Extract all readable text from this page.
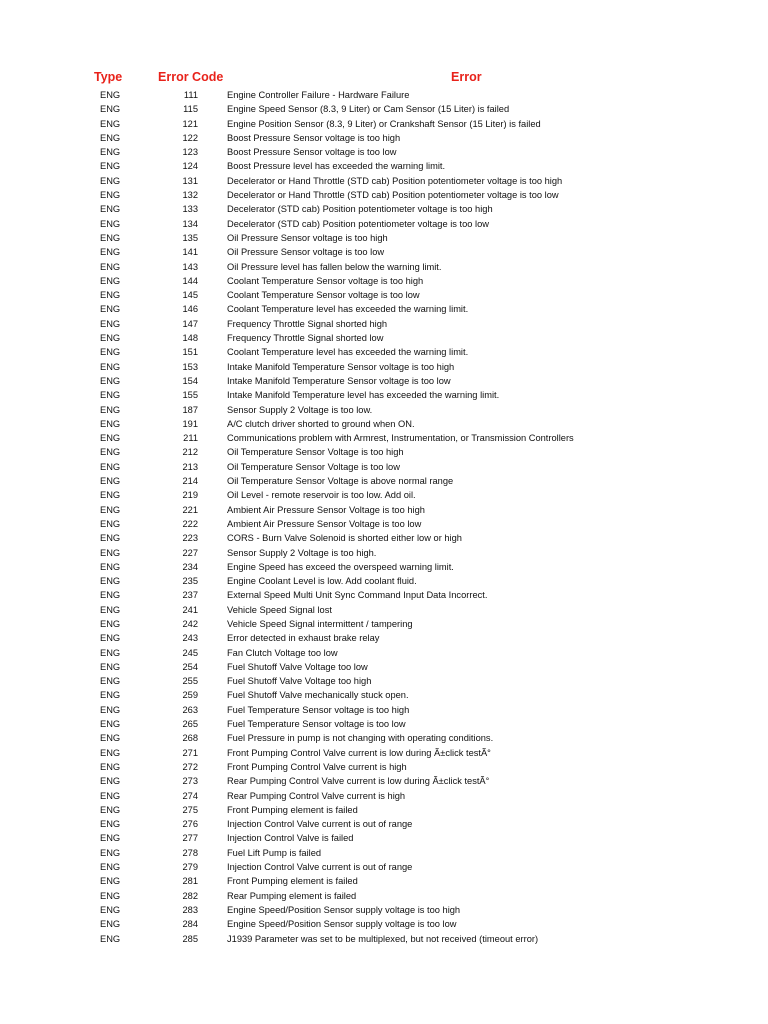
Type	Error Code	Error
ENG	111	Engine Controller Failure - Hardware Failure
ENG	115	Engine Speed Sensor (8.3, 9 Liter) or Cam Sensor (15 Liter) is failed
ENG	121	Engine Position Sensor (8.3, 9 Liter) or Crankshaft Sensor (15 Liter) is failed
ENG	122	Boost Pressure Sensor voltage is too high
ENG	123	Boost Pressure Sensor voltage is too low
ENG	124	Boost Pressure level has exceeded the warning limit.
ENG	131	Decelerator or Hand Throttle (STD cab) Position potentiometer voltage is too high
ENG	132	Decelerator or Hand Throttle (STD cab) Position potentiometer voltage is too low
ENG	133	Decelerator (STD cab) Position potentiometer voltage is too high
ENG	134	Decelerator (STD cab) Position potentiometer voltage is too low
ENG	135	Oil Pressure Sensor voltage is too high
ENG	141	Oil Pressure Sensor voltage is too low
ENG	143	Oil Pressure level has fallen below the warning limit.
ENG	144	Coolant Temperature Sensor voltage is too high
ENG	145	Coolant Temperature Sensor voltage is too low
ENG	146	Coolant Temperature level has exceeded the warning limit.
ENG	147	Frequency Throttle Signal shorted high
ENG	148	Frequency Throttle Signal shorted low
ENG	151	Coolant Temperature level has exceeded the warning limit.
ENG	153	Intake Manifold Temperature Sensor voltage is too high
ENG	154	Intake Manifold Temperature Sensor voltage is too low
ENG	155	Intake Manifold Temperature level has exceeded the warning limit.
ENG	187	Sensor Supply 2 Voltage is too low.
ENG	191	A/C clutch driver shorted to ground when ON.
ENG	211	Communications problem with Armrest, Instrumentation, or Transmission Controllers
ENG	212	Oil Temperature Sensor Voltage is too high
ENG	213	Oil Temperature Sensor Voltage is too low
ENG	214	Oil Temperature Sensor Voltage is above normal range
ENG	219	Oil Level - remote reservoir is too low. Add oil.
ENG	221	Ambient Air Pressure Sensor Voltage is too high
ENG	222	Ambient Air Pressure Sensor Voltage is too low
ENG	223	CORS - Burn Valve Solenoid is shorted either low or high
ENG	227	Sensor Supply 2 Voltage is too high.
ENG	234	Engine Speed has exceed the overspeed warning limit.
ENG	235	Engine Coolant Level is low. Add coolant fluid.
ENG	237	External Speed Multi Unit Sync Command Input Data Incorrect.
ENG	241	Vehicle Speed Signal lost
ENG	242	Vehicle Speed Signal intermittent / tampering
ENG	243	Error detected in exhaust brake relay
ENG	245	Fan Clutch Voltage too low
ENG	254	Fuel Shutoff Valve Voltage too low
ENG	255	Fuel Shutoff Valve Voltage too high
ENG	259	Fuel Shutoff Valve mechanically stuck open.
ENG	263	Fuel Temperature Sensor voltage is too high
ENG	265	Fuel Temperature Sensor voltage is too low
ENG	268	Fuel Pressure in pump is not changing with operating conditions.
ENG	271	Front Pumping Control Valve current is low during Ã±click testÃ°
ENG	272	Front Pumping Control Valve current is high
ENG	273	Rear Pumping Control Valve current is low during Ã±click testÃ°
ENG	274	Rear Pumping Control Valve current is high
ENG	275	Front Pumping element is failed
ENG	276	Injection Control Valve current is out of range
ENG	277	Injection Control Valve is failed
ENG	278	Fuel Lift Pump is failed
ENG	279	Injection Control Valve current is out of range
ENG	281	Front Pumping element is failed
ENG	282	Rear Pumping element is failed
ENG	283	Engine Speed/Position Sensor supply voltage is too high
ENG	284	Engine Speed/Position Sensor supply voltage is too low
ENG	285	J1939 Parameter was set to be multiplexed, but not received (timeout error)
